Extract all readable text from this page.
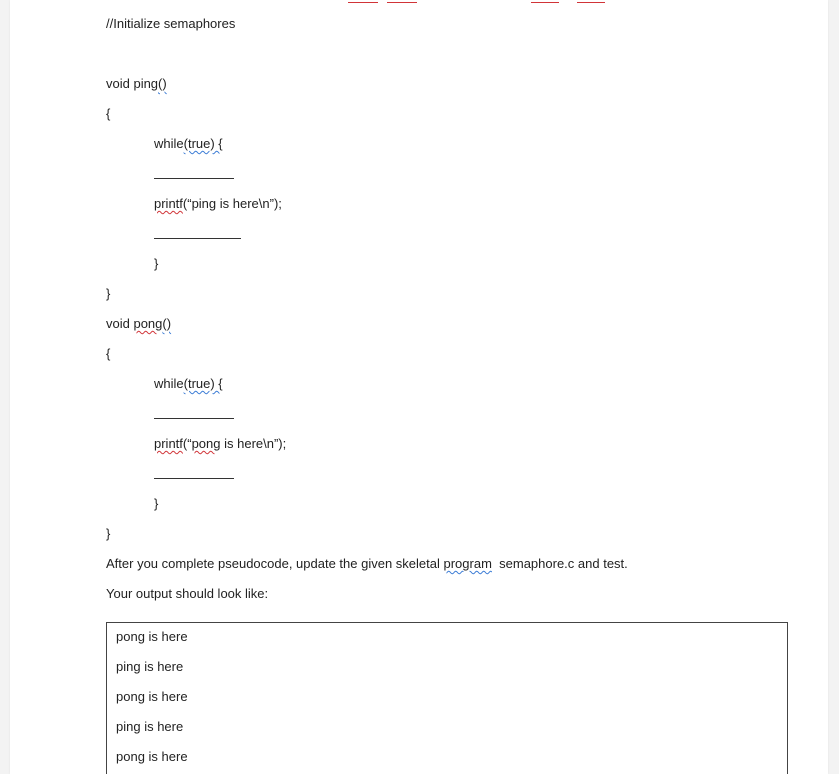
//Initialize semaphores
void ping()
{
while(true) {
printf(“ping is here\n”);
}
}
void pong()
{
while(true) {
printf(“pong is here\n”);
}
}
After you complete pseudocode, update the given skeletal program  semaphore.c and test.
Your output should look like:
pong is here
ping is here
pong is here
ping is here
pong is here
